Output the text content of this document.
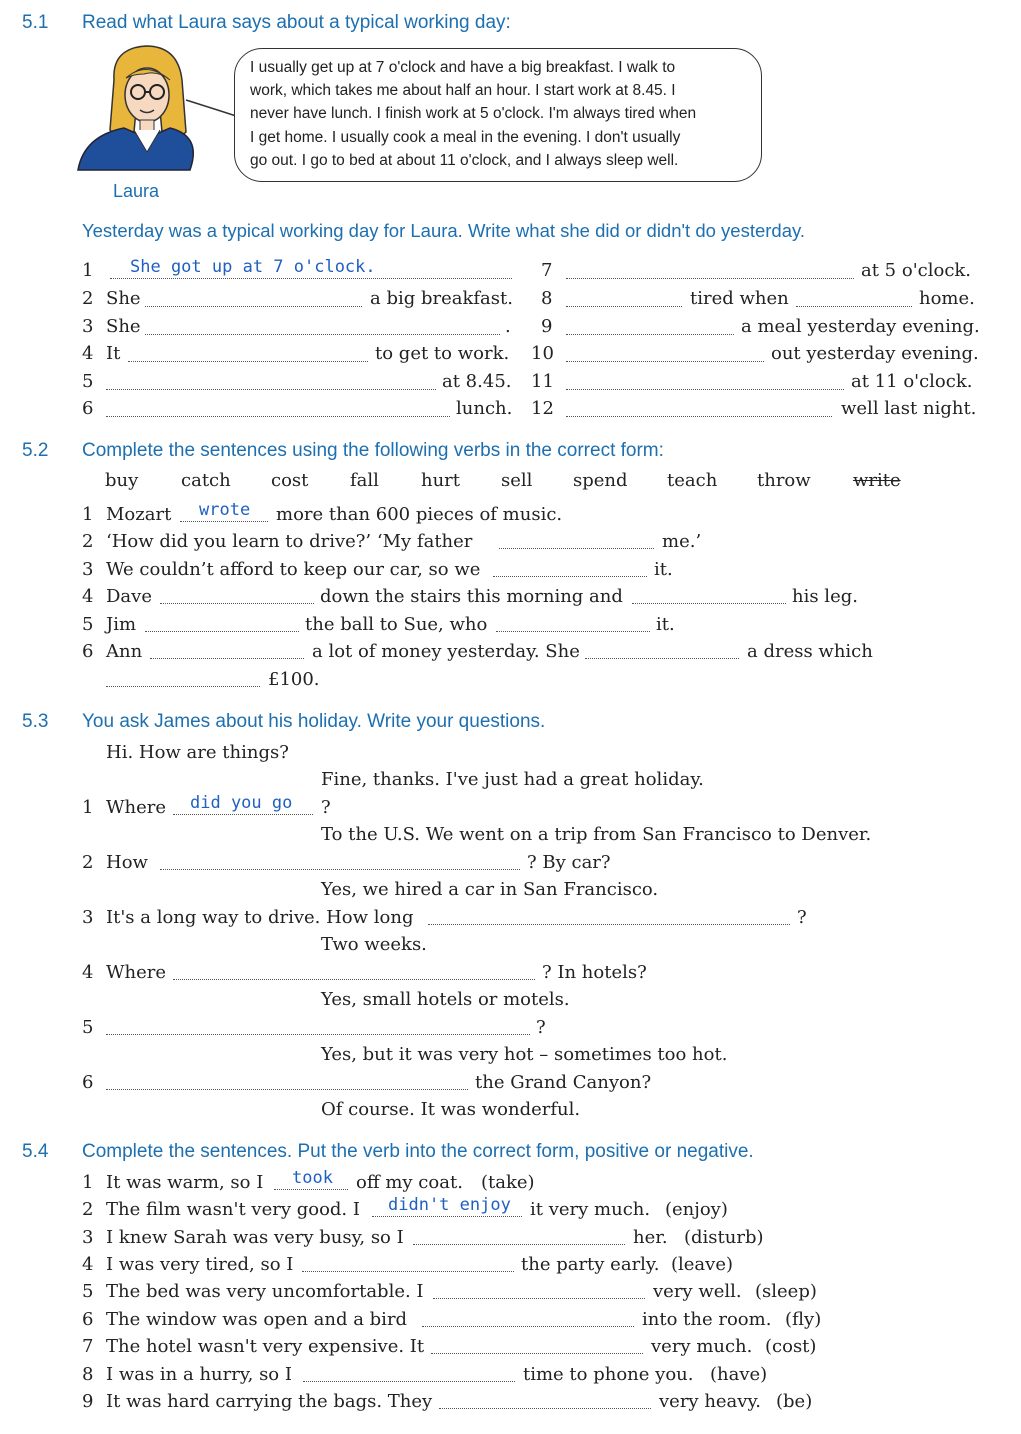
5.1 Read what Laura says about a typical working day:
I usually get up at 7 o'clock and have a big breakfast. I walk to
work, which takes me about half an hour. I start work at 8.45. I
never have lunch. I finish work at 5 o'clock. I'm always tired when
I get home. I usually cook a meal in the evening. I don't usually
go out. I go to bed at about 11 o'clock, and I always sleep well.
Laura
Yesterday was a typical working day for Laura. Write what she did or didn't do yesterday.
1 She got up at 7 o'clock.
2 She	a big breakfast.
3 She	.
4 It	to get to work.
5	at 8.45.
6	lunch.
7	at 5 o'clock.
8	tired when	home.
9	a meal yesterday evening.
10	out yesterday evening.
11	at 11 o'clock.
12	well last night.
5.2 Complete the sentences using the following verbs in the correct form:
buy catch cost fall hurt sell spend teach throw write
1 Mozart wrote more than 600 pieces of music.
2 ‘How did you learn to drive?’ ‘My father	me.’
3 We couldn’t afford to keep our car, so we	it.
4 Dave	down the stairs this morning and	his leg.
5 Jim	the ball to Sue, who	it.
6 Ann	a lot of money yesterday. She	a dress which
£100.
5.3 You ask James about his holiday. Write your questions.
Hi. How are things?
Fine, thanks. I've just had a great holiday.
1 Where did you go ?
To the U.S. We went on a trip from San Francisco to Denver.
2 How	? By car?
Yes, we hired a car in San Francisco.
3 It's a long way to drive. How long	?
Two weeks.
4 Where	? In hotels?
Yes, small hotels or motels.
5	?
Yes, but it was very hot – sometimes too hot.
6	the Grand Canyon?
Of course. It was wonderful.
5.4 Complete the sentences. Put the verb into the correct form, positive or negative.
1 It was warm, so I took off my coat. (take)
2 The film wasn't very good. I didn't enjoy it very much. (enjoy)
3 I knew Sarah was very busy, so I	her. (disturb)
4 I was very tired, so I	the party early. (leave)
5 The bed was very uncomfortable. I	very well. (sleep)
6 The window was open and a bird	into the room. (fly)
7 The hotel wasn't very expensive. It	very much. (cost)
8 I was in a hurry, so I	time to phone you. (have)
9 It was hard carrying the bags. They	very heavy. (be)
